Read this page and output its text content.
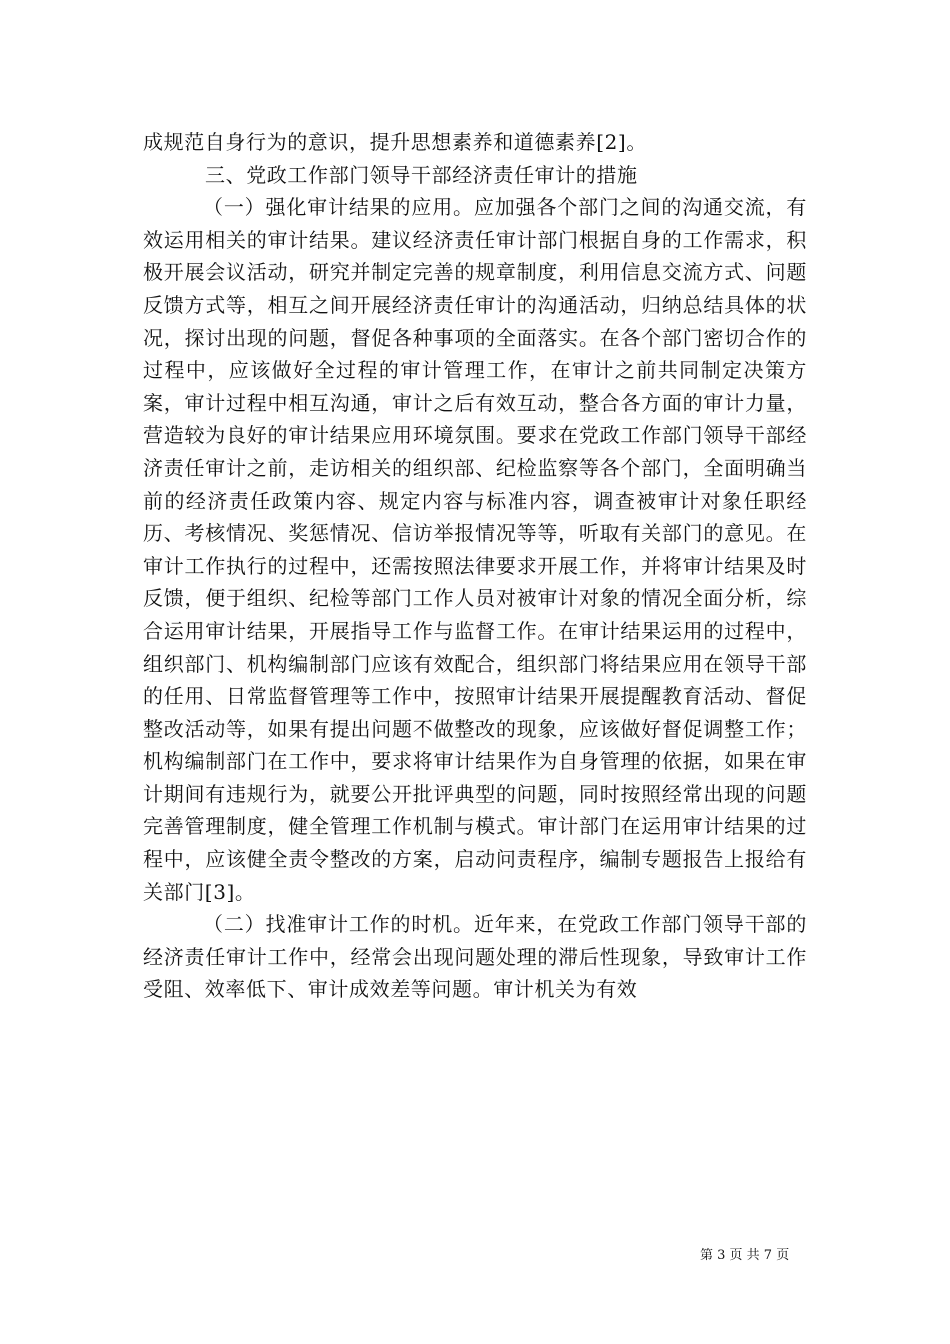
成规范自身行为的意识，提升思想素养和道德素养[2]。

三、党政工作部门领导干部经济责任审计的措施

（一）强化审计结果的应用。应加强各个部门之间的沟通交流，有效运用相关的审计结果。建议经济责任审计部门根据自身的工作需求，积极开展会议活动，研究并制定完善的规章制度，利用信息交流方式、问题反馈方式等，相互之间开展经济责任审计的沟通活动，归纳总结具体的状况，探讨出现的问题，督促各种事项的全面落实。在各个部门密切合作的过程中，应该做好全过程的审计管理工作，在审计之前共同制定决策方案，审计过程中相互沟通，审计之后有效互动，整合各方面的审计力量，营造较为良好的审计结果应用环境氛围。要求在党政工作部门领导干部经济责任审计之前，走访相关的组织部、纪检监察等各个部门，全面明确当前的经济责任政策内容、规定内容与标准内容，调查被审计对象任职经历、考核情况、奖惩情况、信访举报情况等等，听取有关部门的意见。在审计工作执行的过程中，还需按照法律要求开展工作，并将审计结果及时反馈，便于组织、纪检等部门工作人员对被审计对象的情况全面分析，综合运用审计结果，开展指导工作与监督工作。在审计结果运用的过程中，组织部门、机构编制部门应该有效配合，组织部门将结果应用在领导干部的任用、日常监督管理等工作中，按照审计结果开展提醒教育活动、督促整改活动等，如果有提出问题不做整改的现象，应该做好督促调整工作；机构编制部门在工作中，要求将审计结果作为自身管理的依据，如果在审计期间有违规行为，就要公开批评典型的问题，同时按照经常出现的问题完善管理制度，健全管理工作机制与模式。审计部门在运用审计结果的过程中，应该健全责令整改的方案，启动问责程序，编制专题报告上报给有关部门[3]。

（二）找准审计工作的时机。近年来，在党政工作部门领导干部的经济责任审计工作中，经常会出现问题处理的滞后性现象，导致审计工作受阻、效率低下、审计成效差等问题。审计机关为有效

第 3 页 共 7 页
